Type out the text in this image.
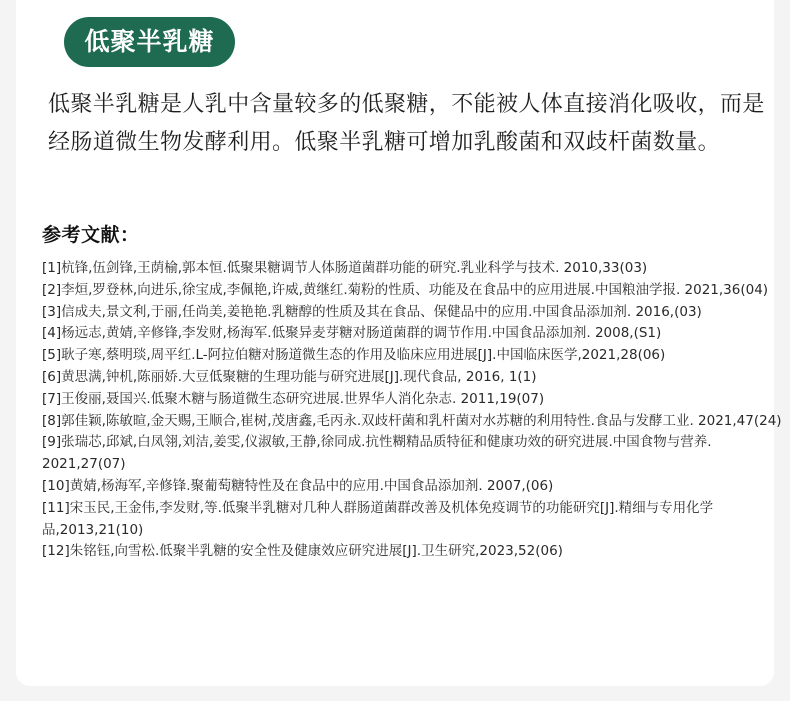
低聚半乳糖

低聚半乳糖是人乳中含量较多的低聚糖，不能被人体直接消化吸收，而是经肠道微生物发酵利用。低聚半乳糖可增加乳酸菌和双歧杆菌数量。

参考文献：
[1]杭锋,伍剑锋,王荫榆,郭本恒.低聚果糖调节人体肠道菌群功能的研究.乳业科学与技术. 2010,33(03)
[2]李烜,罗登林,向进乐,徐宝成,李佩艳,许威,黄继红.菊粉的性质、功能及在食品中的应用进展.中国粮油学报. 2021,36(04)
[3]信成夫,景文利,于丽,任尚美,姜艳艳.乳糖醇的性质及其在食品、保健品中的应用.中国食品添加剂. 2016,(03)
[4]杨远志,黄婧,辛修锋,李发财,杨海军.低聚异麦芽糖对肠道菌群的调节作用.中国食品添加剂. 2008,(S1)
[5]耿子寒,蔡明琰,周平红.L-阿拉伯糖对肠道微生态的作用及临床应用进展[J].中国临床医学,2021,28(06)
[6]黄思满,钟机,陈丽娇.大豆低聚糖的生理功能与研究进展[J].现代食品, 2016, 1(1)
[7]王俊丽,聂国兴.低聚木糖与肠道微生态研究进展.世界华人消化杂志. 2011,19(07)
[8]郭佳颖,陈敏暄,金天赐,王顺合,崔树,茂唐鑫,毛丙永.双歧杆菌和乳杆菌对水苏糖的利用特性.食品与发酵工业. 2021,47(24)
[9]张瑞芯,邱斌,白凤翎,刘洁,姜雯,仪淑敏,王静,徐同成.抗性糊精品质特征和健康功效的研究进展.中国食物与营养. 2021,27(07)
[10]黄婧,杨海军,辛修锋.聚葡萄糖特性及在食品中的应用.中国食品添加剂. 2007,(06)
[11]宋玉民,王金伟,李发财,等.低聚半乳糖对几种人群肠道菌群改善及机体免疫调节的功能研究[J].精细与专用化学品,2013,21(10)
[12]朱铭钰,向雪松.低聚半乳糖的安全性及健康效应研究进展[J].卫生研究,2023,52(06)
